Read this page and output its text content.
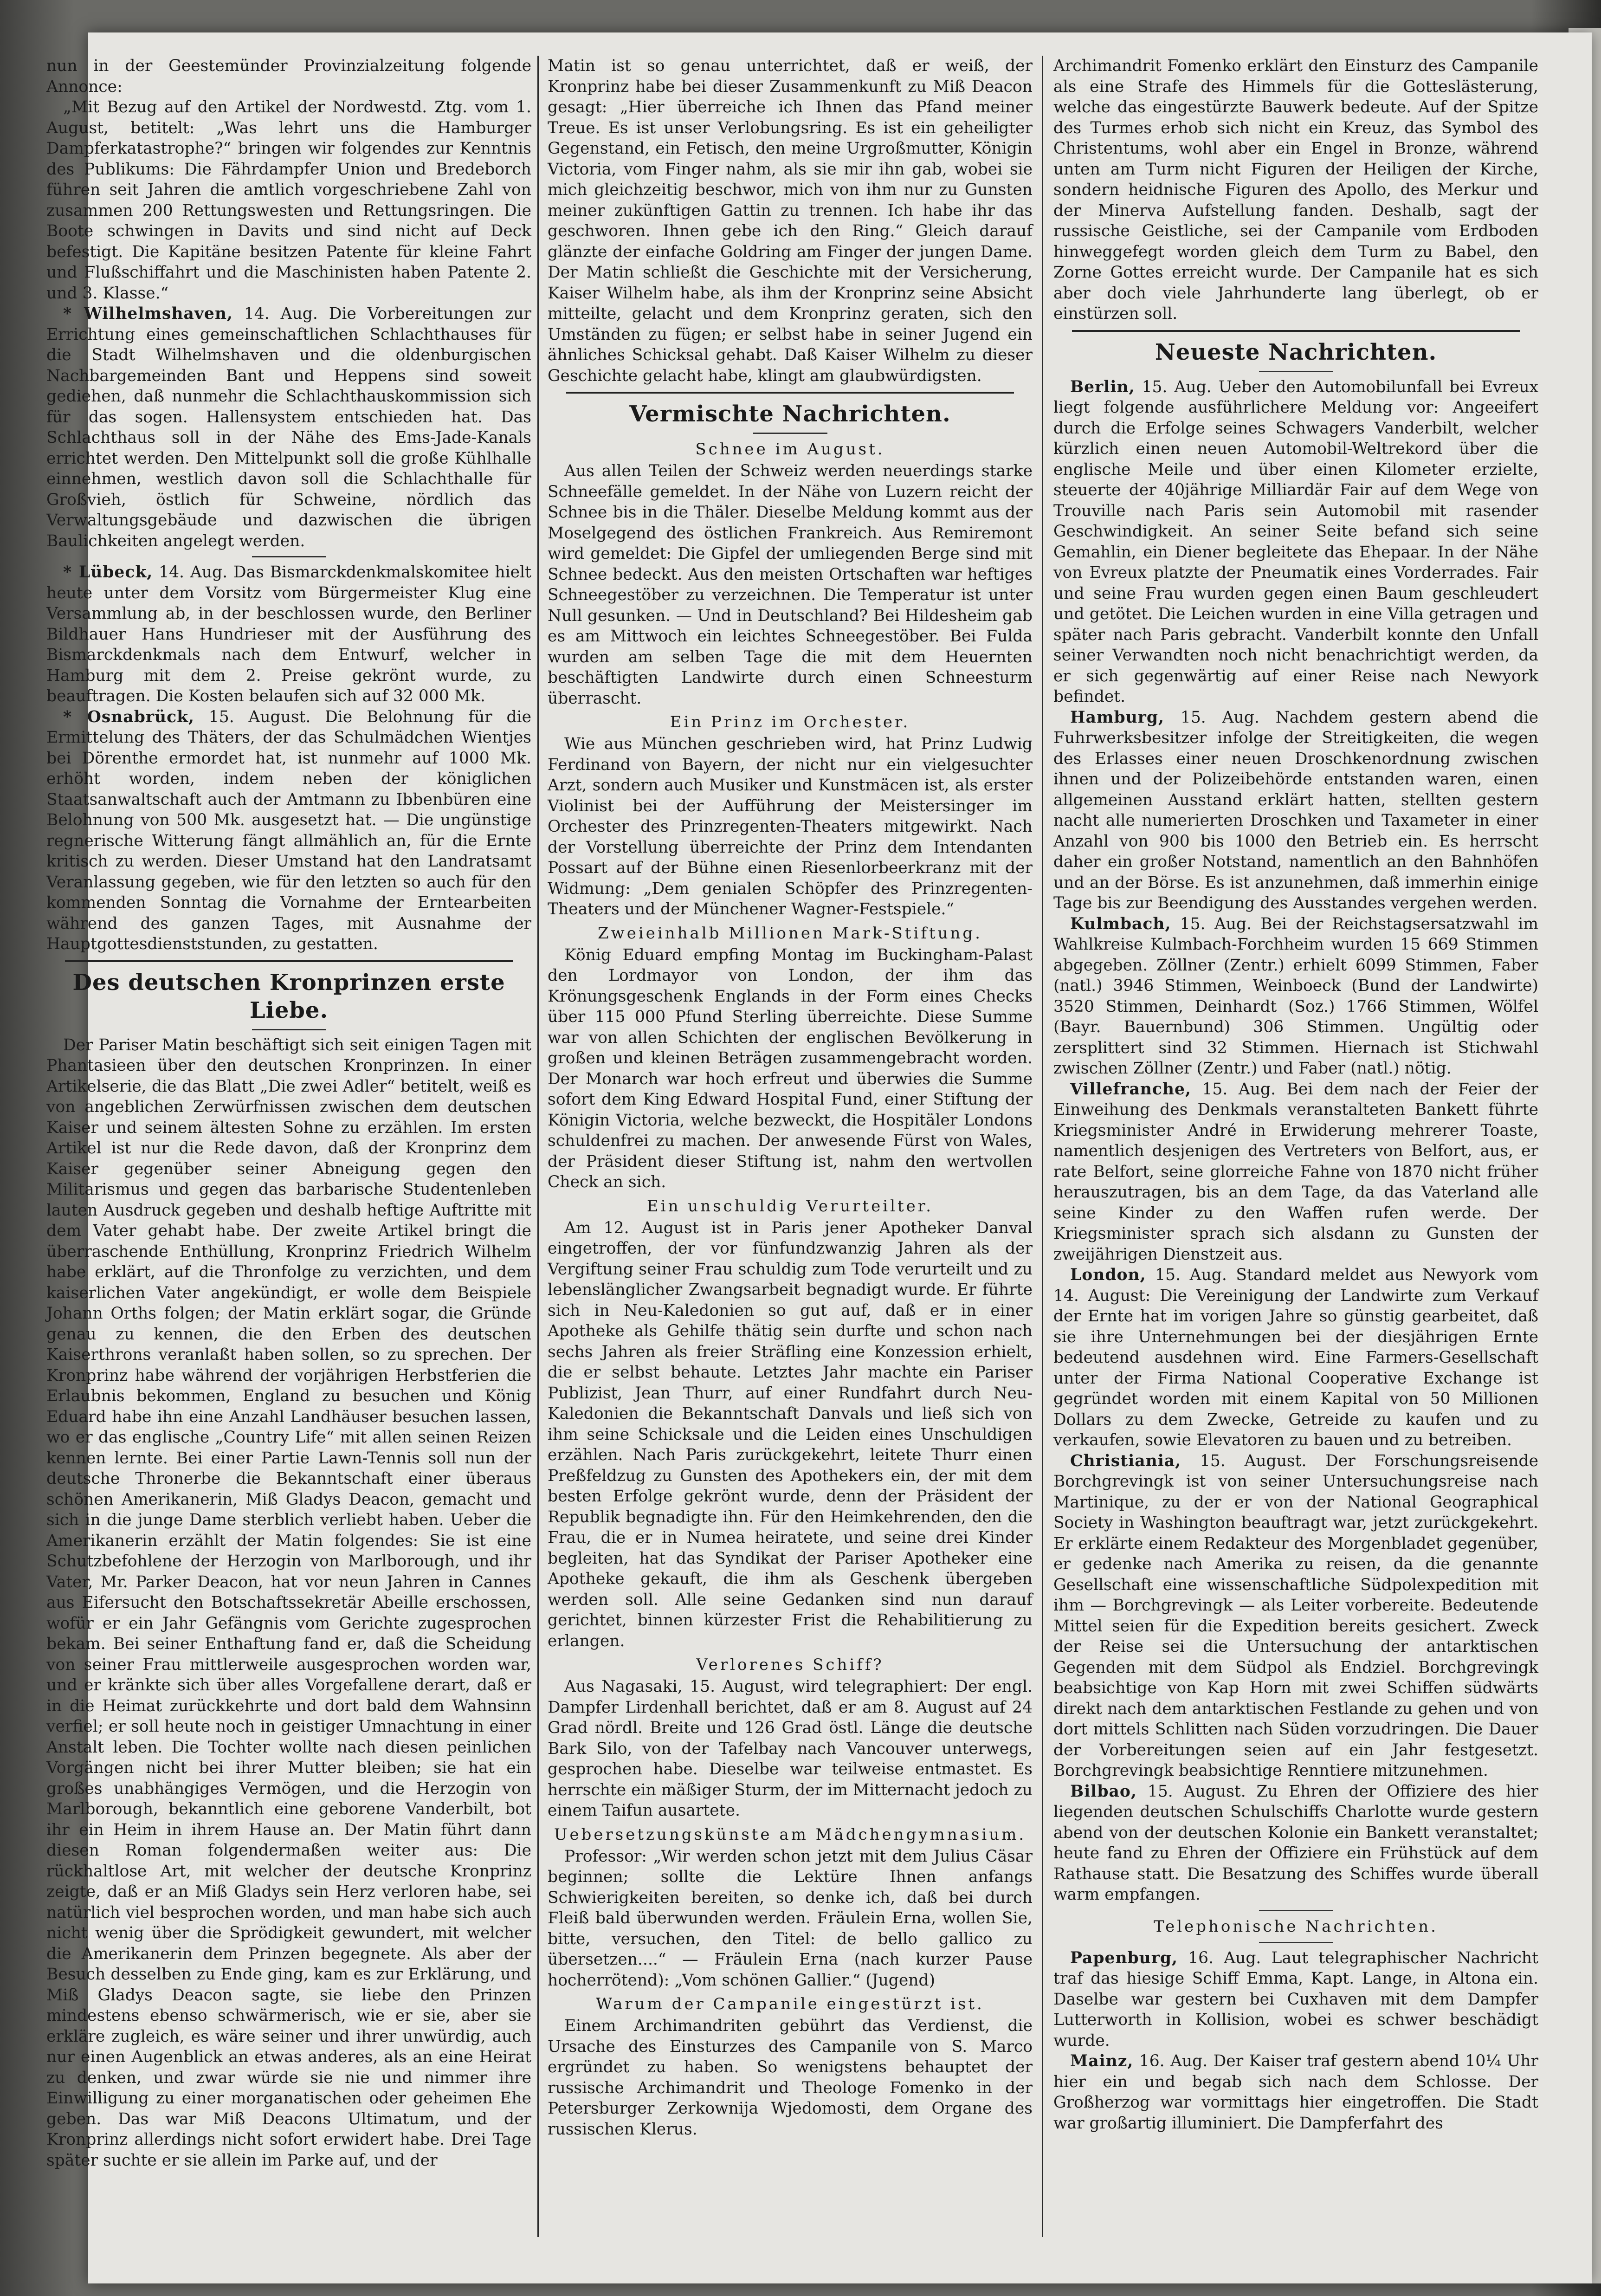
nun in der Geestemünder Provinzialzeitung folgende Annonce:

„Mit Bezug auf den Artikel der Nordwestd. Ztg. vom 1. August, betitelt: „Was lehrt uns die Hamburger Dampferkatastrophe?“ bringen wir folgendes zur Kenntnis des Publikums: Die Fährdampfer Union und Bredeborch führen seit Jahren die amtlich vorgeschriebene Zahl von zusammen 200 Rettungswesten und Rettungsringen. Die Boote schwingen in Davits und sind nicht auf Deck befestigt. Die Kapitäne besitzen Patente für kleine Fahrt und Flußschiffahrt und die Maschinisten haben Patente 2. und 3. Klasse.“

* Wilhelmshaven, 14. Aug. Die Vorbereitungen zur Errichtung eines gemeinschaftlichen Schlachthauses für die Stadt Wilhelmshaven und die oldenburgischen Nachbargemeinden Bant und Heppens sind soweit gediehen, daß nunmehr die Schlachthauskommission sich für das sogen. Hallensystem entschieden hat. Das Schlachthaus soll in der Nähe des Ems-Jade-Kanals errichtet werden. Den Mittelpunkt soll die große Kühlhalle einnehmen, westlich davon soll die Schlachthalle für Großvieh, östlich für Schweine, nördlich das Verwaltungsgebäude und dazwischen die übrigen Baulichkeiten angelegt werden.

* Lübeck, 14. Aug. Das Bismarckdenkmalskomitee hielt heute unter dem Vorsitz vom Bürgermeister Klug eine Versammlung ab, in der beschlossen wurde, den Berliner Bildhauer Hans Hundrieser mit der Ausführung des Bismarckdenkmals nach dem Entwurf, welcher in Hamburg mit dem 2. Preise gekrönt wurde, zu beauftragen. Die Kosten belaufen sich auf 32 000 Mk.

* Osnabrück, 15. August. Die Belohnung für die Ermittelung des Thäters, der das Schulmädchen Wientjes bei Dörenthe ermordet hat, ist nunmehr auf 1000 Mk. erhöht worden, indem neben der königlichen Staatsanwaltschaft auch der Amtmann zu Ibbenbüren eine Belohnung von 500 Mk. ausgesetzt hat. — Die ungünstige regnerische Witterung fängt allmählich an, für die Ernte kritisch zu werden. Dieser Umstand hat den Landratsamt Veranlassung gegeben, wie für den letzten so auch für den kommenden Sonntag die Vornahme der Erntearbeiten während des ganzen Tages, mit Ausnahme der Hauptgottesdienststunden, zu gestatten.

Des deutschen Kronprinzen erste Liebe.

Der Pariser Matin beschäftigt sich seit einigen Tagen mit Phantasieen über den deutschen Kronprinzen. In einer Artikelserie, die das Blatt „Die zwei Adler“ betitelt, weiß es von angeblichen Zerwürfnissen zwischen dem deutschen Kaiser und seinem ältesten Sohne zu erzählen. Im ersten Artikel ist nur die Rede davon, daß der Kronprinz dem Kaiser gegenüber seiner Abneigung gegen den Militarismus und gegen das barbarische Studentenleben lauten Ausdruck gegeben und deshalb heftige Auftritte mit dem Vater gehabt habe. Der zweite Artikel bringt die überraschende Enthüllung, Kronprinz Friedrich Wilhelm habe erklärt, auf die Thronfolge zu verzichten, und dem kaiserlichen Vater angekündigt, er wolle dem Beispiele Johann Orths folgen; der Matin erklärt sogar, die Gründe genau zu kennen, die den Erben des deutschen Kaiserthrons veranlaßt haben sollen, so zu sprechen. Der Kronprinz habe während der vorjährigen Herbstferien die Erlaubnis bekommen, England zu besuchen und König Eduard habe ihn eine Anzahl Landhäuser besuchen lassen, wo er das englische „Country Life“ mit allen seinen Reizen kennen lernte. Bei einer Partie Lawn-Tennis soll nun der deutsche Thronerbe die Bekanntschaft einer überaus schönen Amerikanerin, Miß Gladys Deacon, gemacht und sich in die junge Dame sterblich verliebt haben. Ueber die Amerikanerin erzählt der Matin folgendes: Sie ist eine Schutzbefohlene der Herzogin von Marlborough, und ihr Vater, Mr. Parker Deacon, hat vor neun Jahren in Cannes aus Eifersucht den Botschaftssekretär Abeille erschossen, wofür er ein Jahr Gefängnis vom Gerichte zugesprochen bekam. Bei seiner Enthaftung fand er, daß die Scheidung von seiner Frau mittlerweile ausgesprochen worden war, und er kränkte sich über alles Vorgefallene derart, daß er in die Heimat zurückkehrte und dort bald dem Wahnsinn verfiel; er soll heute noch in geistiger Umnachtung in einer Anstalt leben. Die Tochter wollte nach diesen peinlichen Vorgängen nicht bei ihrer Mutter bleiben; sie hat ein großes unabhängiges Vermögen, und die Herzogin von Marlborough, bekanntlich eine geborene Vanderbilt, bot ihr ein Heim in ihrem Hause an. Der Matin führt dann diesen Roman folgendermaßen weiter aus: Die rückhaltlose Art, mit welcher der deutsche Kronprinz zeigte, daß er an Miß Gladys sein Herz verloren habe, sei natürlich viel besprochen worden, und man habe sich auch nicht wenig über die Sprödigkeit gewundert, mit welcher die Amerikanerin dem Prinzen begegnete. Als aber der Besuch desselben zu Ende ging, kam es zur Erklärung, und Miß Gladys Deacon sagte, sie liebe den Prinzen mindestens ebenso schwärmerisch, wie er sie, aber sie erkläre zugleich, es wäre seiner und ihrer unwürdig, auch nur einen Augenblick an etwas anderes, als an eine Heirat zu denken, und zwar würde sie nie und nimmer ihre Einwilligung zu einer morganatischen oder geheimen Ehe geben. Das war Miß Deacons Ultimatum, und der Kronprinz allerdings nicht sofort erwidert habe. Drei Tage später suchte er sie allein im Parke auf, und der

Matin ist so genau unterrichtet, daß er weiß, der Kronprinz habe bei dieser Zusammenkunft zu Miß Deacon gesagt: „Hier überreiche ich Ihnen das Pfand meiner Treue. Es ist unser Verlobungsring. Es ist ein geheiligter Gegenstand, ein Fetisch, den meine Urgroßmutter, Königin Victoria, vom Finger nahm, als sie mir ihn gab, wobei sie mich gleichzeitig beschwor, mich von ihm nur zu Gunsten meiner zukünftigen Gattin zu trennen. Ich habe ihr das geschworen. Ihnen gebe ich den Ring.“ Gleich darauf glänzte der einfache Goldring am Finger der jungen Dame. Der Matin schließt die Geschichte mit der Versicherung, Kaiser Wilhelm habe, als ihm der Kronprinz seine Absicht mitteilte, gelacht und dem Kronprinz geraten, sich den Umständen zu fügen; er selbst habe in seiner Jugend ein ähnliches Schicksal gehabt. Daß Kaiser Wilhelm zu dieser Geschichte gelacht habe, klingt am glaubwürdigsten.

Vermischte Nachrichten.
Schnee im August.

Aus allen Teilen der Schweiz werden neuerdings starke Schneefälle gemeldet. In der Nähe von Luzern reicht der Schnee bis in die Thäler. Dieselbe Meldung kommt aus der Moselgegend des östlichen Frankreich. Aus Remiremont wird gemeldet: Die Gipfel der umliegenden Berge sind mit Schnee bedeckt. Aus den meisten Ortschaften war heftiges Schneegestöber zu verzeichnen. Die Temperatur ist unter Null gesunken. — Und in Deutschland? Bei Hildesheim gab es am Mittwoch ein leichtes Schneegestöber. Bei Fulda wurden am selben Tage die mit dem Heuernten beschäftigten Landwirte durch einen Schneesturm überrascht.

Ein Prinz im Orchester.

Wie aus München geschrieben wird, hat Prinz Ludwig Ferdinand von Bayern, der nicht nur ein vielgesuchter Arzt, sondern auch Musiker und Kunstmäcen ist, als erster Violinist bei der Aufführung der Meistersinger im Orchester des Prinzregenten-Theaters mitgewirkt. Nach der Vorstellung überreichte der Prinz dem Intendanten Possart auf der Bühne einen Riesenlorbeerkranz mit der Widmung: „Dem genialen Schöpfer des Prinzregenten-Theaters und der Münchener Wagner-Festspiele.“

Zweieinhalb Millionen Mark-Stiftung.

König Eduard empfing Montag im Buckingham-Palast den Lordmayor von London, der ihm das Krönungsgeschenk Englands in der Form eines Checks über 115 000 Pfund Sterling überreichte. Diese Summe war von allen Schichten der englischen Bevölkerung in großen und kleinen Beträgen zusammengebracht worden. Der Monarch war hoch erfreut und überwies die Summe sofort dem King Edward Hospital Fund, einer Stiftung der Königin Victoria, welche bezweckt, die Hospitäler Londons schuldenfrei zu machen. Der anwesende Fürst von Wales, der Präsident dieser Stiftung ist, nahm den wertvollen Check an sich.

Ein unschuldig Verurteilter.

Am 12. August ist in Paris jener Apotheker Danval eingetroffen, der vor fünfundzwanzig Jahren als der Vergiftung seiner Frau schuldig zum Tode verurteilt und zu lebenslänglicher Zwangsarbeit begnadigt wurde. Er führte sich in Neu-Kaledonien so gut auf, daß er in einer Apotheke als Gehilfe thätig sein durfte und schon nach sechs Jahren als freier Sträfling eine Konzession erhielt, die er selbst behaute. Letztes Jahr machte ein Pariser Publizist, Jean Thurr, auf einer Rundfahrt durch Neu-Kaledonien die Bekanntschaft Danvals und ließ sich von ihm seine Schicksale und die Leiden eines Unschuldigen erzählen. Nach Paris zurückgekehrt, leitete Thurr einen Preßfeldzug zu Gunsten des Apothekers ein, der mit dem besten Erfolge gekrönt wurde, denn der Präsident der Republik begnadigte ihn. Für den Heimkehrenden, den die Frau, die er in Numea heiratete, und seine drei Kinder begleiten, hat das Syndikat der Pariser Apotheker eine Apotheke gekauft, die ihm als Geschenk übergeben werden soll. Alle seine Gedanken sind nun darauf gerichtet, binnen kürzester Frist die Rehabilitierung zu erlangen.

Verlorenes Schiff?

Aus Nagasaki, 15. August, wird telegraphiert: Der engl. Dampfer Lirdenhall berichtet, daß er am 8. August auf 24 Grad nördl. Breite und 126 Grad östl. Länge die deutsche Bark Silo, von der Tafelbay nach Vancouver unterwegs, gesprochen habe. Dieselbe war teilweise entmastet. Es herrschte ein mäßiger Sturm, der im Mitternacht jedoch zu einem Taifun ausartete.

Uebersetzungskünste am Mädchengymnasium.

Professor: „Wir werden schon jetzt mit dem Julius Cäsar beginnen; sollte die Lektüre Ihnen anfangs Schwierigkeiten bereiten, so denke ich, daß bei durch Fleiß bald überwunden werden. Fräulein Erna, wollen Sie, bitte, versuchen, den Titel: de bello gallico zu übersetzen....“ — Fräulein Erna (nach kurzer Pause hocherrötend): „Vom schönen Gallier.“ (Jugend)

Warum der Campanile eingestürzt ist.

Einem Archimandriten gebührt das Verdienst, die Ursache des Einsturzes des Campanile von S. Marco ergründet zu haben. So wenigstens behauptet der russische Archimandrit und Theologe Fomenko in der Petersburger Zerkownija Wjedomosti, dem Organe des russischen Klerus.

Archimandrit Fomenko erklärt den Einsturz des Campanile als eine Strafe des Himmels für die Gotteslästerung, welche das eingestürzte Bauwerk bedeute. Auf der Spitze des Turmes erhob sich nicht ein Kreuz, das Symbol des Christentums, wohl aber ein Engel in Bronze, während unten am Turm nicht Figuren der Heiligen der Kirche, sondern heidnische Figuren des Apollo, des Merkur und der Minerva Aufstellung fanden. Deshalb, sagt der russische Geistliche, sei der Campanile vom Erdboden hinweggefegt worden gleich dem Turm zu Babel, den Zorne Gottes erreicht wurde. Der Campanile hat es sich aber doch viele Jahrhunderte lang überlegt, ob er einstürzen soll.

Neueste Nachrichten.

Berlin, 15. Aug. Ueber den Automobilunfall bei Evreux liegt folgende ausführlichere Meldung vor: Angeeifert durch die Erfolge seines Schwagers Vanderbilt, welcher kürzlich einen neuen Automobil-Weltrekord über die englische Meile und über einen Kilometer erzielte, steuerte der 40jährige Milliardär Fair auf dem Wege von Trouville nach Paris sein Automobil mit rasender Geschwindigkeit. An seiner Seite befand sich seine Gemahlin, ein Diener begleitete das Ehepaar. In der Nähe von Evreux platzte der Pneumatik eines Vorderrades. Fair und seine Frau wurden gegen einen Baum geschleudert und getötet. Die Leichen wurden in eine Villa getragen und später nach Paris gebracht. Vanderbilt konnte den Unfall seiner Verwandten noch nicht benachrichtigt werden, da er sich gegenwärtig auf einer Reise nach Newyork befindet.

Hamburg, 15. Aug. Nachdem gestern abend die Fuhrwerksbesitzer infolge der Streitigkeiten, die wegen des Erlasses einer neuen Droschkenordnung zwischen ihnen und der Polizeibehörde entstanden waren, einen allgemeinen Ausstand erklärt hatten, stellten gestern nacht alle numerierten Droschken und Taxameter in einer Anzahl von 900 bis 1000 den Betrieb ein. Es herrscht daher ein großer Notstand, namentlich an den Bahnhöfen und an der Börse. Es ist anzunehmen, daß immerhin einige Tage bis zur Beendigung des Ausstandes vergehen werden.

Kulmbach, 15. Aug. Bei der Reichstagsersatzwahl im Wahlkreise Kulmbach-Forchheim wurden 15 669 Stimmen abgegeben. Zöllner (Zentr.) erhielt 6099 Stimmen, Faber (natl.) 3946 Stimmen, Weinboeck (Bund der Landwirte) 3520 Stimmen, Deinhardt (Soz.) 1766 Stimmen, Wölfel (Bayr. Bauernbund) 306 Stimmen. Ungültig oder zersplittert sind 32 Stimmen. Hiernach ist Stichwahl zwischen Zöllner (Zentr.) und Faber (natl.) nötig.

Villefranche, 15. Aug. Bei dem nach der Feier der Einweihung des Denkmals veranstalteten Bankett führte Kriegsminister André in Erwiderung mehrerer Toaste, namentlich desjenigen des Vertreters von Belfort, aus, er rate Belfort, seine glorreiche Fahne von 1870 nicht früher herauszutragen, bis an dem Tage, da das Vaterland alle seine Kinder zu den Waffen rufen werde. Der Kriegsminister sprach sich alsdann zu Gunsten der zweijährigen Dienstzeit aus.

London, 15. Aug. Standard meldet aus Newyork vom 14. August: Die Vereinigung der Landwirte zum Verkauf der Ernte hat im vorigen Jahre so günstig gearbeitet, daß sie ihre Unternehmungen bei der diesjährigen Ernte bedeutend ausdehnen wird. Eine Farmers-Gesellschaft unter der Firma National Cooperative Exchange ist gegründet worden mit einem Kapital von 50 Millionen Dollars zu dem Zwecke, Getreide zu kaufen und zu verkaufen, sowie Elevatoren zu bauen und zu betreiben.

Christiania, 15. August. Der Forschungsreisende Borchgrevingk ist von seiner Untersuchungsreise nach Martinique, zu der er von der National Geographical Society in Washington beauftragt war, jetzt zurückgekehrt. Er erklärte einem Redakteur des Morgenbladet gegenüber, er gedenke nach Amerika zu reisen, da die genannte Gesellschaft eine wissenschaftliche Südpolexpedition mit ihm — Borchgrevingk — als Leiter vorbereite. Bedeutende Mittel seien für die Expedition bereits gesichert. Zweck der Reise sei die Untersuchung der antarktischen Gegenden mit dem Südpol als Endziel. Borchgrevingk beabsichtige von Kap Horn mit zwei Schiffen südwärts direkt nach dem antarktischen Festlande zu gehen und von dort mittels Schlitten nach Süden vorzudringen. Die Dauer der Vorbereitungen seien auf ein Jahr festgesetzt. Borchgrevingk beabsichtige Renntiere mitzunehmen.

Bilbao, 15. August. Zu Ehren der Offiziere des hier liegenden deutschen Schulschiffs Charlotte wurde gestern abend von der deutschen Kolonie ein Bankett veranstaltet; heute fand zu Ehren der Offiziere ein Frühstück auf dem Rathause statt. Die Besatzung des Schiffes wurde überall warm empfangen.

Telephonische Nachrichten.

Papenburg, 16. Aug. Laut telegraphischer Nachricht traf das hiesige Schiff Emma, Kapt. Lange, in Altona ein. Daselbe war gestern bei Cuxhaven mit dem Dampfer Lutterworth in Kollision, wobei es schwer beschädigt wurde.

Mainz, 16. Aug. Der Kaiser traf gestern abend 10¼ Uhr hier ein und begab sich nach dem Schlosse. Der Großherzog war vormittags hier eingetroffen. Die Stadt war großartig illuminiert. Die Dampferfahrt des
